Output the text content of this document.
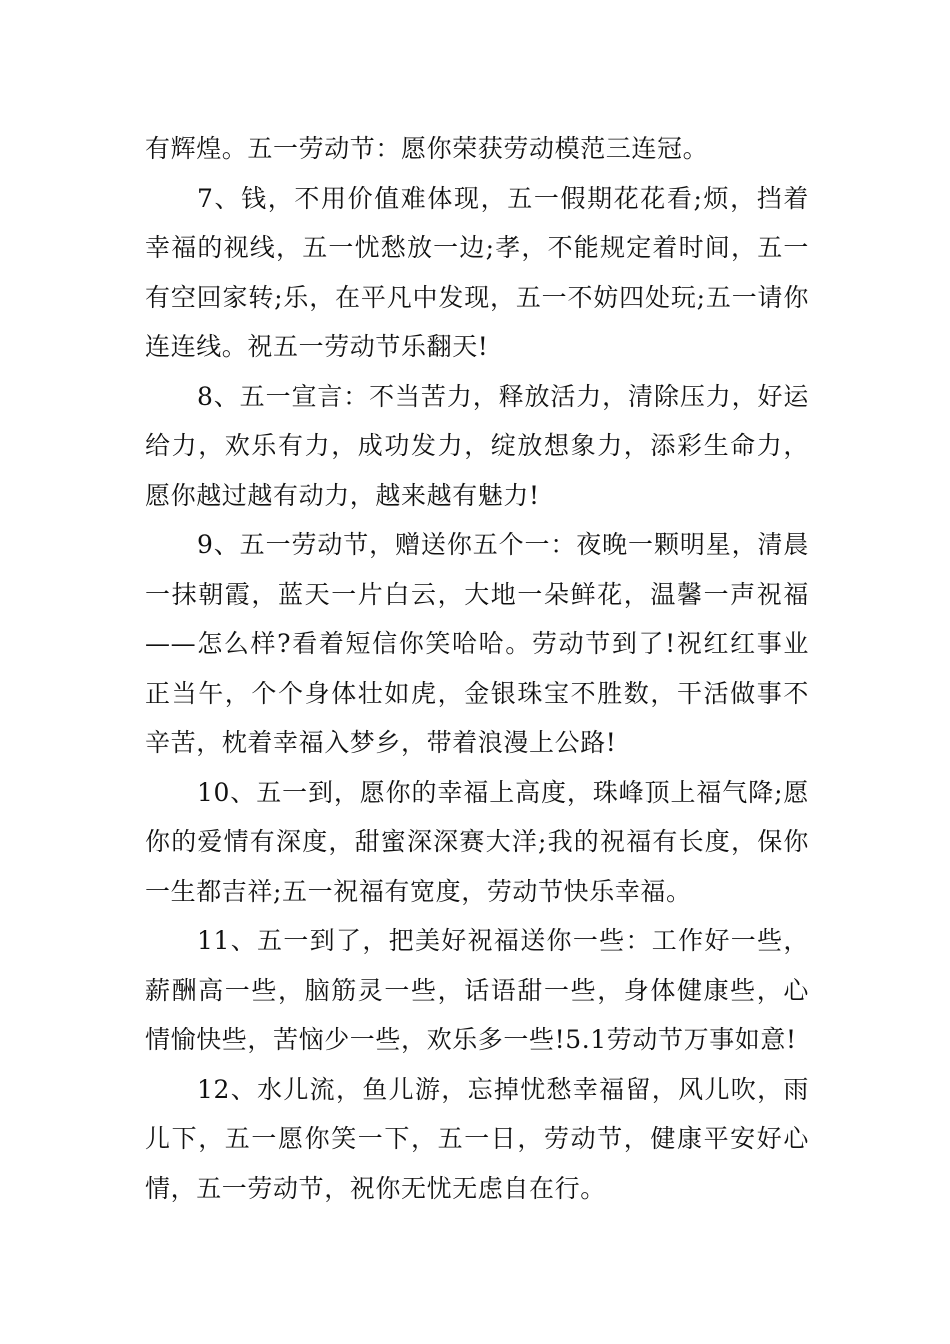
有辉煌。五一劳动节：愿你荣获劳动模范三连冠。

7、钱，不用价值难体现，五一假期花花看;烦，挡着幸福的视线，五一忧愁放一边;孝，不能规定着时间，五一有空回家转;乐，在平凡中发现，五一不妨四处玩;五一请你连连线。祝五一劳动节乐翻天!

8、五一宣言：不当苦力，释放活力，清除压力，好运给力，欢乐有力，成功发力，绽放想象力，添彩生命力，愿你越过越有动力，越来越有魅力!

9、五一劳动节，赠送你五个一：夜晚一颗明星，清晨一抹朝霞，蓝天一片白云，大地一朵鲜花，温馨一声祝福——怎么样?看着短信你笑哈哈。劳动节到了!祝红红事业正当午，个个身体壮如虎，金银珠宝不胜数，干活做事不辛苦，枕着幸福入梦乡，带着浪漫上公路!

10、五一到，愿你的幸福上高度，珠峰顶上福气降;愿你的爱情有深度，甜蜜深深赛大洋;我的祝福有长度，保你一生都吉祥;五一祝福有宽度，劳动节快乐幸福。

11、五一到了，把美好祝福送你一些：工作好一些，薪酬高一些，脑筋灵一些，话语甜一些，身体健康些，心情愉快些，苦恼少一些，欢乐多一些!5.1劳动节万事如意!

12、水儿流，鱼儿游，忘掉忧愁幸福留，风儿吹，雨儿下，五一愿你笑一下，五一日，劳动节，健康平安好心情，五一劳动节，祝你无忧无虑自在行。
